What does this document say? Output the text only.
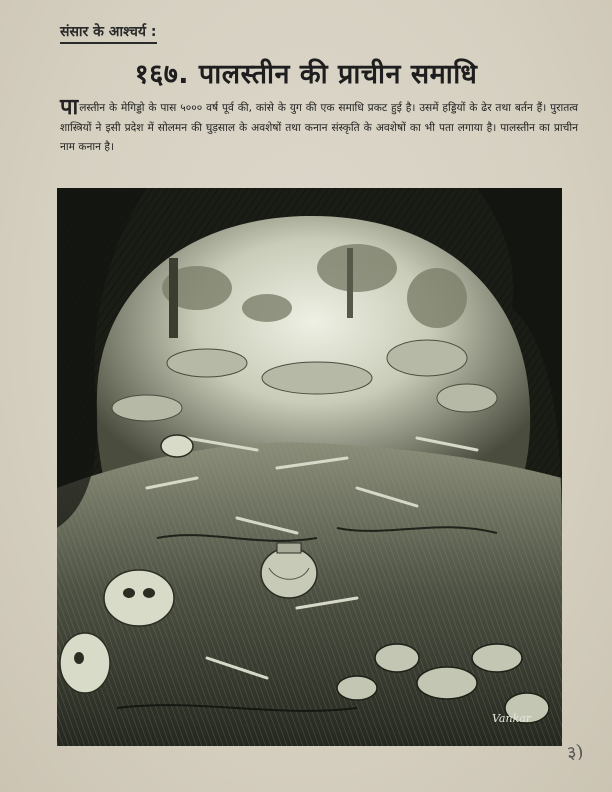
संसार के आश्चर्य :
१६७. पालस्तीन की प्राचीन समाधि
पालस्तीन के मेगिड्डो के पास ५००० वर्ष पूर्व की, कांसे के युग की एक समाधि प्रकट हुई है। उसमें हड्डियों के ढेर तथा बर्तन हैं। पुरातत्व शास्त्रियों ने इसी प्रदेश में सोलमन की घुड़साल के अवशेषों तथा कनान संस्कृति के अवशेषों का भी पता लगाया है। पालस्तीन का प्राचीन नाम कनान है।
Vankar
३)
